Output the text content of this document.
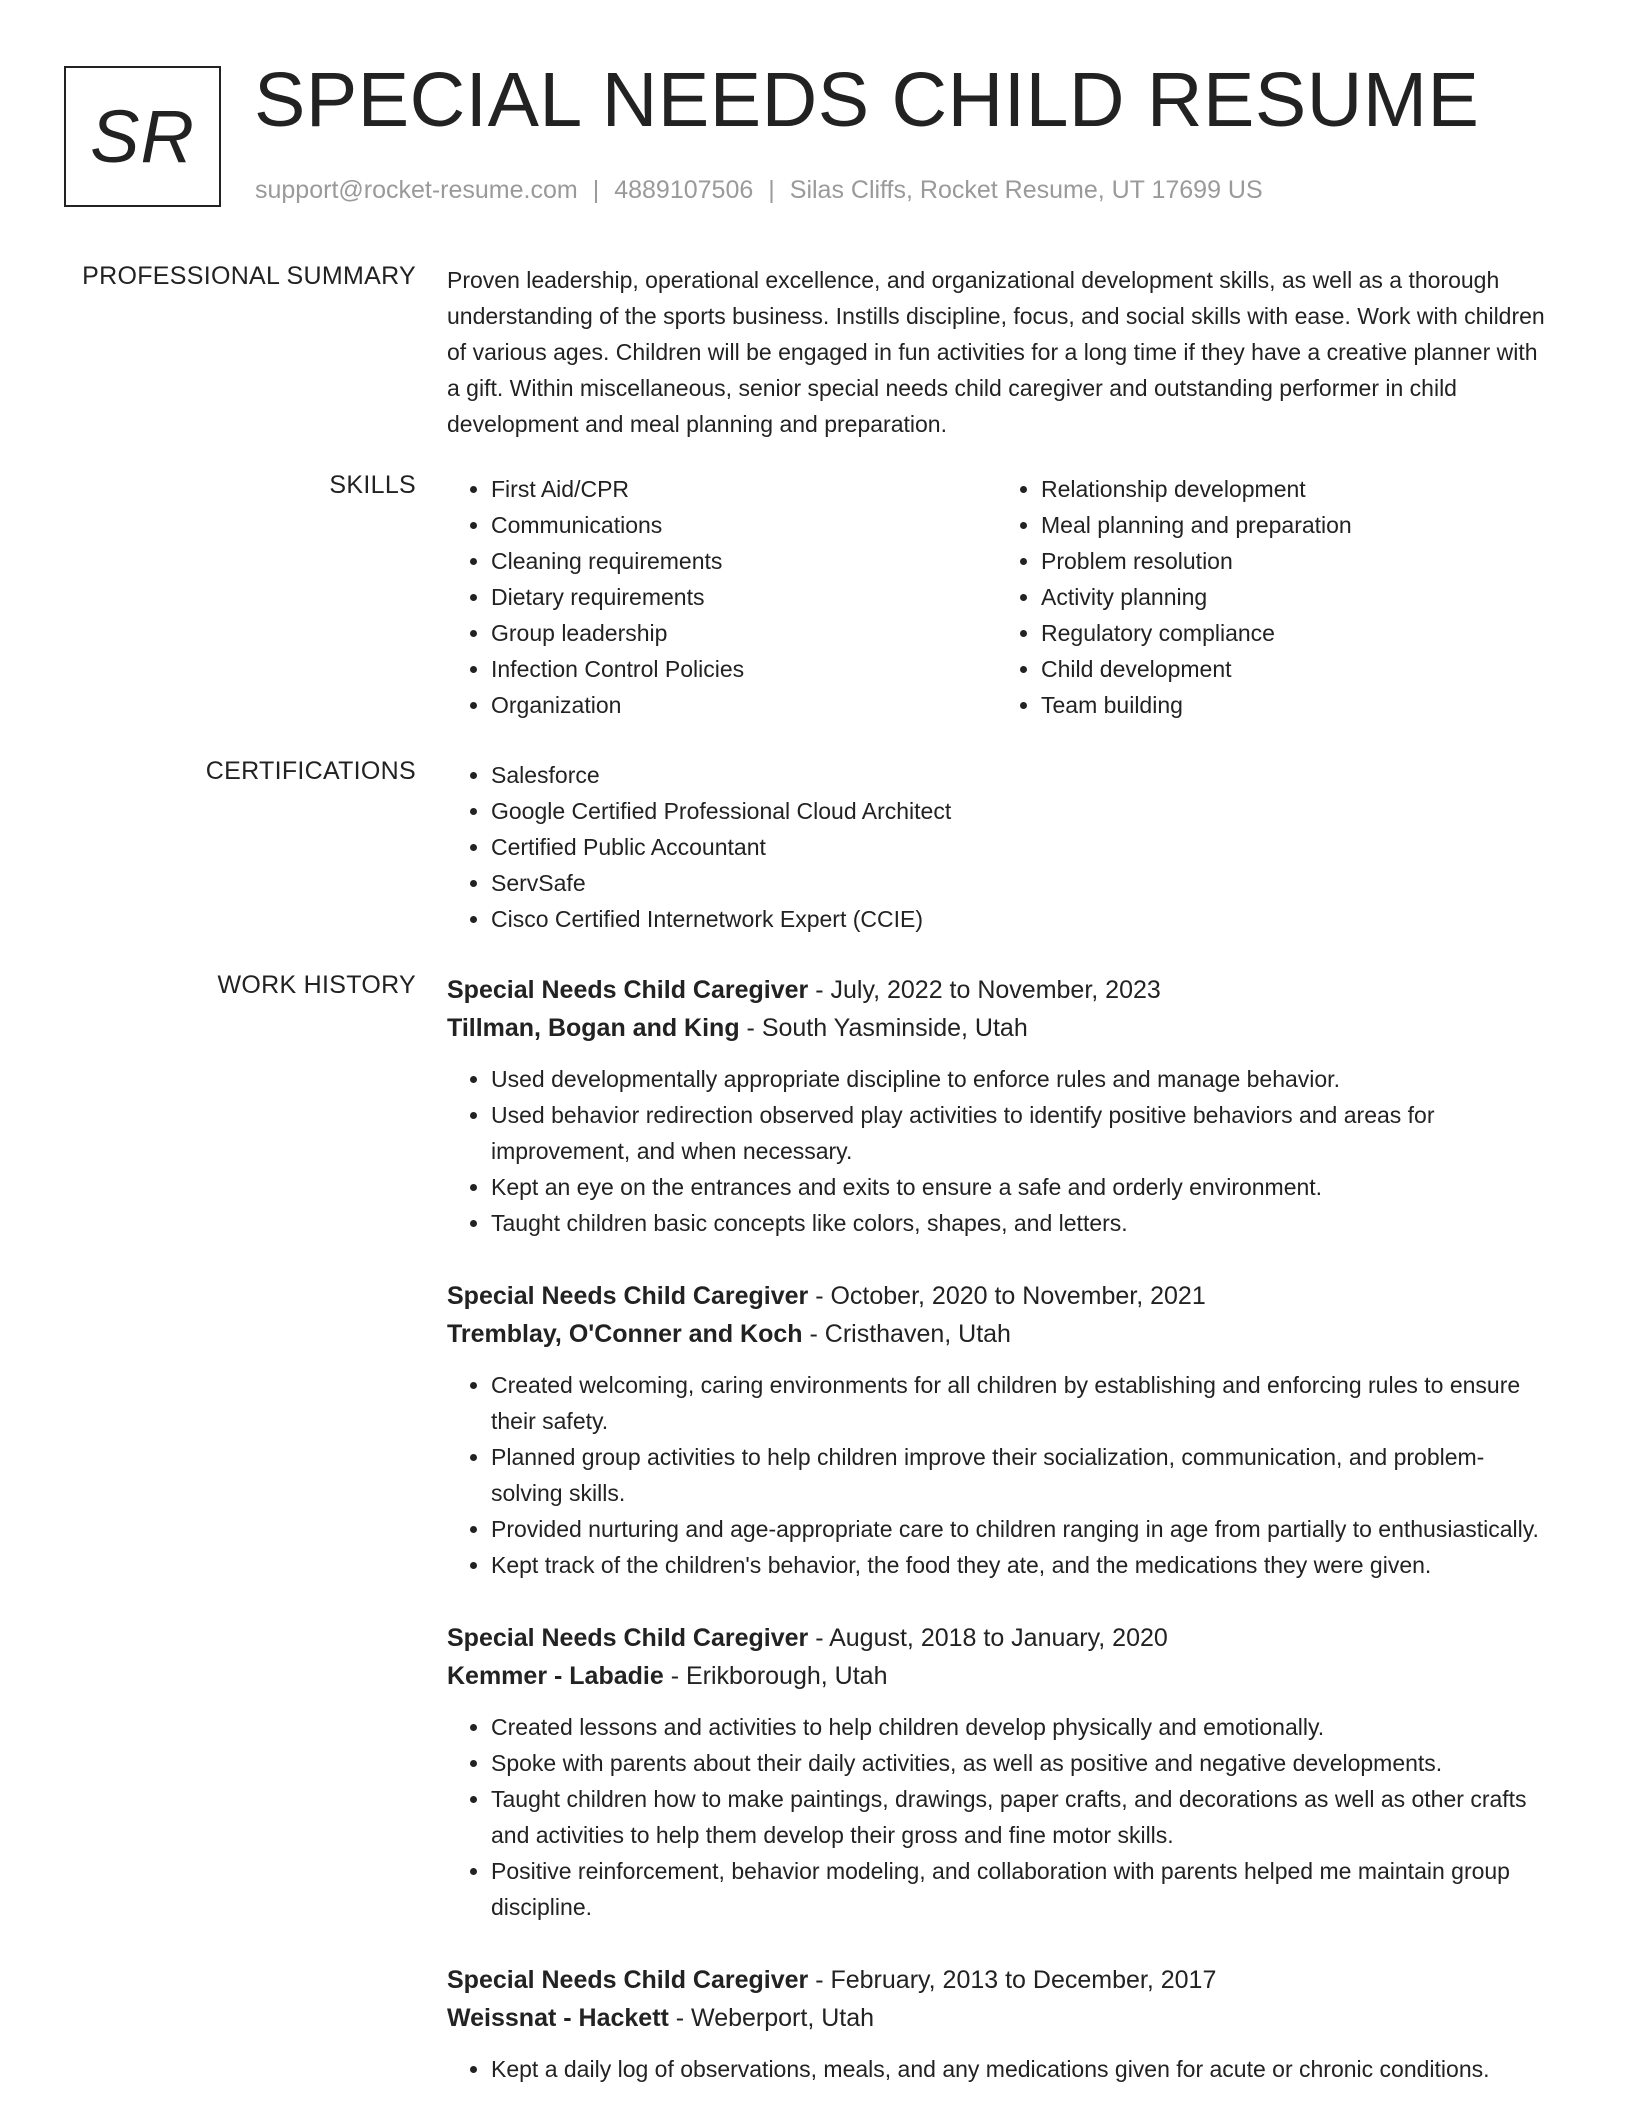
SR SPECIAL NEEDS CHILD RESUME
support@rocket-resume.com | 4889107506 | Silas Cliffs, Rocket Resume, UT 17699 US
PROFESSIONAL SUMMARY Proven leadership, operational excellence, and organizational development skills, as well as a thorough understanding of the sports business. Instills discipline, focus, and social skills with ease. Work with children of various ages. Children will be engaged in fun activities for a long time if they have a creative planner with a gift. Within miscellaneous, senior special needs child caregiver and outstanding performer in child development and meal planning and preparation.

SKILLS	• First Aid/CPR
• Communications
• Cleaning requirements
• Dietary requirements
• Group leadership
• Infection Control Policies
• Organization
• Relationship development
• Meal planning and preparation
• Problem resolution
• Activity planning
• Regulatory compliance
• Child development
• Team building
CERTIFICATIONS	• Salesforce
• Google Certified Professional Cloud Architect
• Certified Public Accountant
• ServSafe
• Cisco Certified Internetwork Expert (CCIE)
WORK HISTORY Special Needs Child Caregiver - July, 2022 to November, 2023
Tillman, Bogan and King - South Yasminside, Utah
• Used developmentally appropriate discipline to enforce rules and manage behavior.
• Used behavior redirection observed play activities to identify positive behaviors and areas for improvement, and when necessary.
• Kept an eye on the entrances and exits to ensure a safe and orderly environment.
• Taught children basic concepts like colors, shapes, and letters.
Special Needs Child Caregiver - October, 2020 to November, 2021
Tremblay, O'Conner and Koch - Cristhaven, Utah
• Created welcoming, caring environments for all children by establishing and enforcing rules to ensure their safety.
• Planned group activities to help children improve their socialization, communication, and problem-solving skills.
• Provided nurturing and age-appropriate care to children ranging in age from partially to enthusiastically.
• Kept track of the children's behavior, the food they ate, and the medications they were given.
Special Needs Child Caregiver - August, 2018 to January, 2020
Kemmer - Labadie - Erikborough, Utah
• Created lessons and activities to help children develop physically and emotionally.
• Spoke with parents about their daily activities, as well as positive and negative developments.
• Taught children how to make paintings, drawings, paper crafts, and decorations as well as other crafts and activities to help them develop their gross and fine motor skills.
• Positive reinforcement, behavior modeling, and collaboration with parents helped me maintain group discipline.
Special Needs Child Caregiver - February, 2013 to December, 2017
Weissnat - Hackett - Weberport, Utah
• Kept a daily log of observations, meals, and any medications given for acute or chronic conditions.
